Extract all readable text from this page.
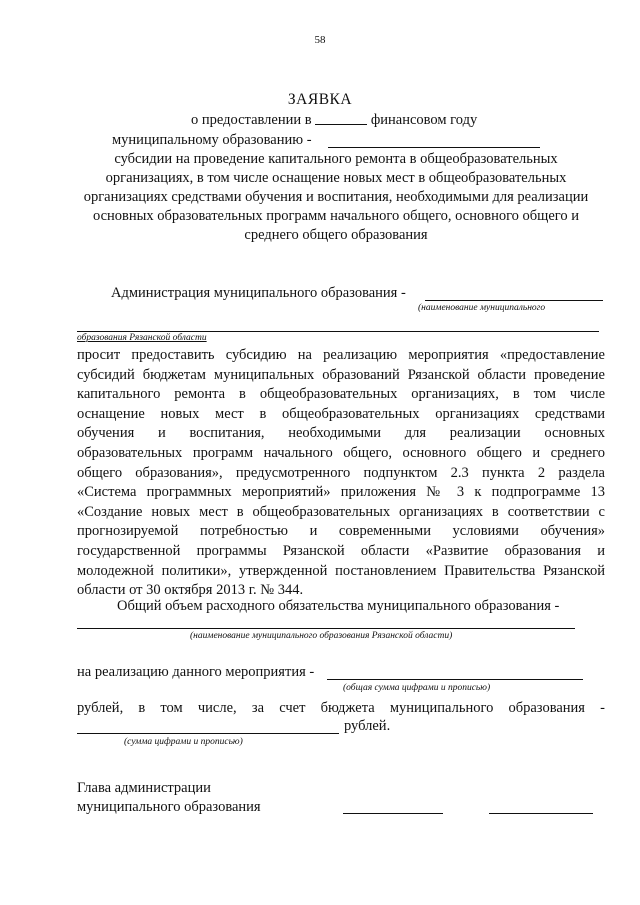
58
ЗАЯВКА
о предоставлении в	финансовом году
муниципальному образованию -
субсидии на проведение капитального ремонта в общеобразовательных
организациях, в том числе оснащение новых мест в общеобразовательных
организациях средствами обучения и воспитания, необходимыми для реализации
основных образовательных программ начального общего, основного общего и
среднего общего образования
Администрация муниципального образования -
(наименование муниципального
образования Рязанской области
просит предоставить субсидию на реализацию мероприятия «предоставление
субсидий бюджетам муниципальных образований Рязанской области проведение
капитального ремонта в общеобразовательных организациях, в том числе
оснащение новых мест в общеобразовательных организациях средствами
обучения и воспитания, необходимыми для реализации основных
образовательных программ начального общего, основного общего и среднего
общего образования», предусмотренного подпунктом 2.3 пункта 2 раздела
«Система программных мероприятий» приложения № 3 к подпрограмме 13
«Создание новых мест в общеобразовательных организациях в соответствии с
прогнозируемой потребностью и современными условиями обучения»
государственной программы Рязанской области «Развитие образования и
молодежной политики», утвержденной постановлением Правительства Рязанской
области от 30 октября 2013 г. № 344.
Общий объем расходного обязательства муниципального образования -
(наименование муниципального образования Рязанской области)
на реализацию данного мероприятия -
(общая сумма цифрами и прописью)
рублей, в том числе, за счет бюджета муниципального образования -
рублей.
(сумма цифрами и прописью)
Глава администрации
муниципального образования
